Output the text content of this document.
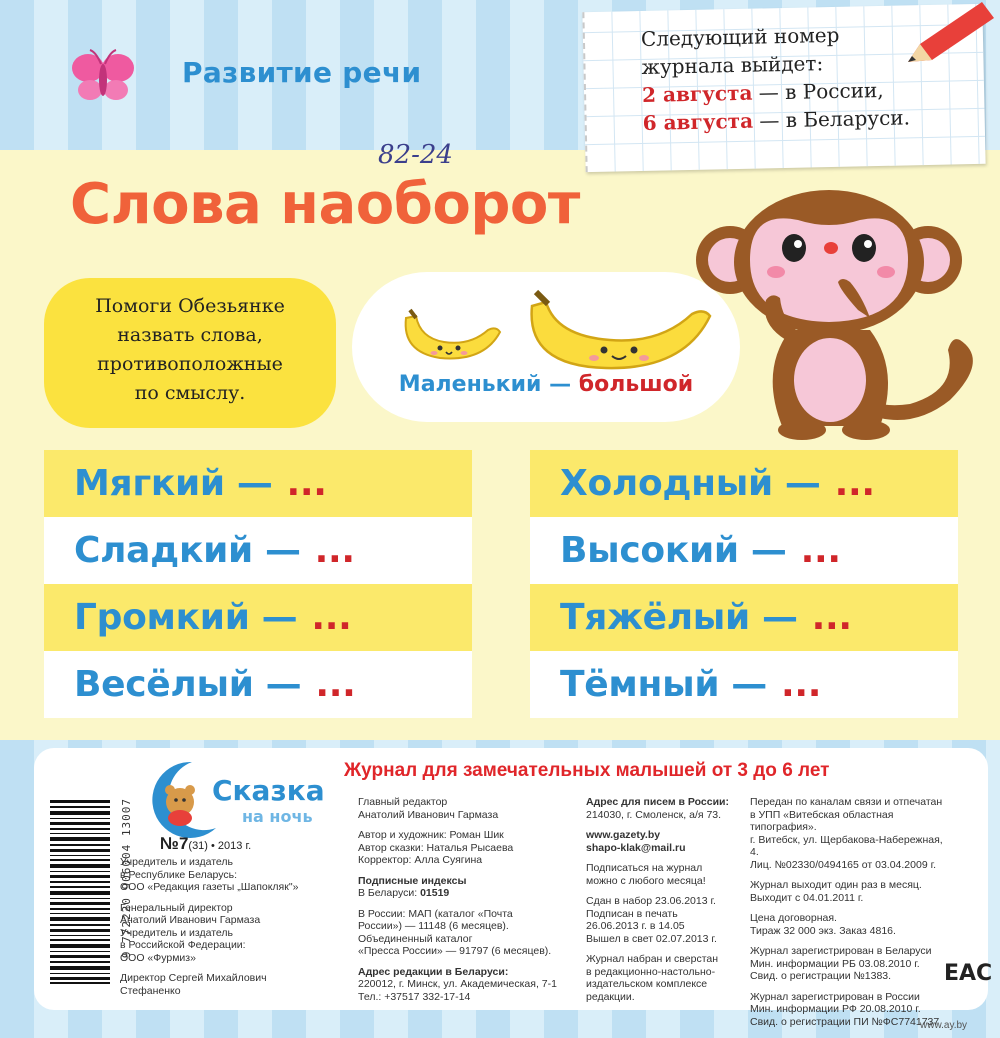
Развитие речи
Следующий номер
журнала выйдет:
2 августа — в России,
6 августа — в Беларуси.
82-24
Слова наоборот
Помоги Обезьянке
назвать слова,
противоположные
по смыслу.	Маленький — большой
Мягкий — ...
Сладкий — ...
Громкий — ...
Весёлый — ...
Холодный — ...
Высокий — ...
Тяжёлый — ...
Тёмный — ...
9 772220 906004 13007
Сказка
на ночь
№7(31) • 2013 г.
Журнал для замечательных малышей от 3 до 6 лет

Учредитель и издатель

в Республике Беларусь:

ООО «Редакция газеты „Шапокляк"»

Генеральный директор

Анатолий Иванович Гармаза

Учредитель и издатель

в Российской Федерации:

ООО «Фурмиз»

Директор Сергей Михайлович

Стефаненко

Главный редактор

Анатолий Иванович Гармаза

Автор и художник: Роман Шик

Автор сказки: Наталья Рысаева

Корректор: Алла Суягина

Подписные индексы

В Беларуси: 01519

В России: МАП (каталог «Почта

России») — 11148 (6 месяцев).

Объединенный каталог

«Пресса России» — 91797 (6 месяцев).

Адрес редакции в Беларуси:

220012, г. Минск, ул. Академическая, 7-1

Тел.: +37517 332-17-14

Адрес для писем в России:

214030, г. Смоленск, а/я 73.

www.gazety.by

shapo-klak@mail.ru

Подписаться на журнал

можно с любого месяца!

Сдан в набор 23.06.2013 г.

Подписан в печать

26.06.2013 г. в 14.05

Вышел в свет 02.07.2013 г.

Журнал набран и сверстан

в редакционно-настольно-

издательском комплексе

редакции.

Передан по каналам связи и отпечатан

в УПП «Витебская областная

типография».

г. Витебск, ул. Щербакова-Набережная, 4.

Лиц. №02330/0494165 от 03.04.2009 г.

Журнал выходит один раз в месяц.

Выходит с 04.01.2011 г.

Цена договорная.

Тираж 32 000 экз. Заказ 4816.

Журнал зарегистрирован в Беларуси

Мин. информации РБ 03.08.2010 г.

Свид. о регистрации №1383.

Журнал зарегистрирован в России

Мин. информации РФ 20.08.2010 г.

Свид. о регистрации ПИ №ФС7741737

ЕАС
www.ay.by
